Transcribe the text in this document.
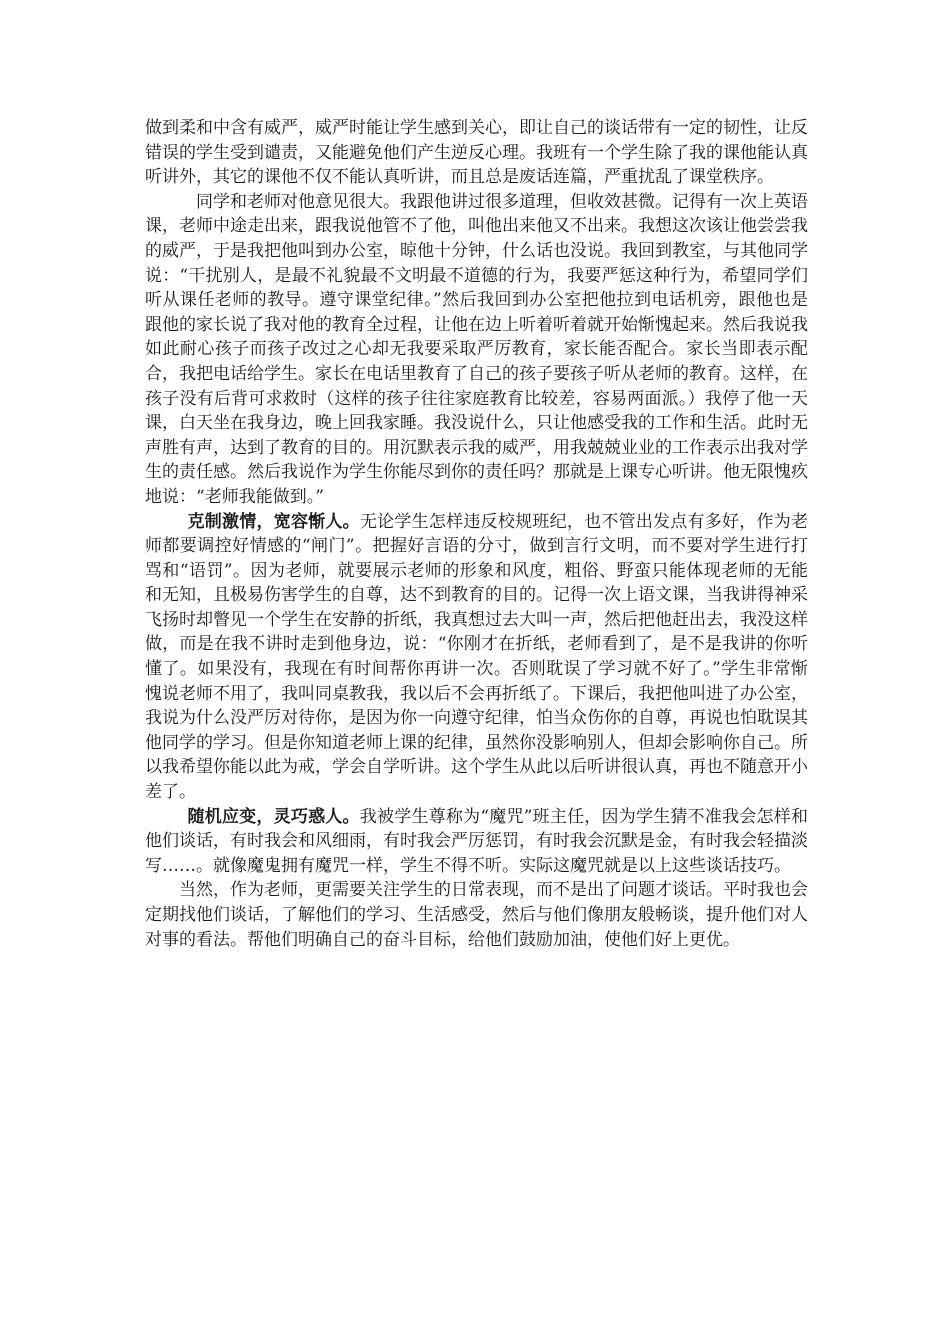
做到柔和中含有威严，威严时能让学生感到关心，即让自己的谈话带有一定的韧性，让反错误的学生受到谴责，又能避免他们产生逆反心理。我班有一个学生除了我的课他能认真听讲外，其它的课他不仅不能认真听讲，而且总是废话连篇，严重扰乱了课堂秩序。

同学和老师对他意见很大。我跟他讲过很多道理，但收效甚微。记得有一次上英语课，老师中途走出来，跟我说他管不了他，叫他出来他又不出来。我想这次该让他尝尝我的威严，于是我把他叫到办公室，晾他十分钟，什么话也没说。我回到教室，与其他同学说：“干扰别人，是最不礼貌最不文明最不道德的行为，我要严惩这种行为，希望同学们听从课任老师的教导。遵守课堂纪律。”然后我回到办公室把他拉到电话机旁，跟他也是跟他的家长说了我对他的教育全过程，让他在边上听着听着就开始惭愧起来。然后我说我如此耐心孩子而孩子改过之心却无我要采取严厉教育，家长能否配合。家长当即表示配合，我把电话给学生。家长在电话里教育了自己的孩子要孩子听从老师的教育。这样，在孩子没有后背可求救时（这样的孩子往往家庭教育比较差，容易两面派。）我停了他一天课，白天坐在我身边，晚上回我家睡。我没说什么，只让他感受我的工作和生活。此时无声胜有声，达到了教育的目的。用沉默表示我的威严，用我兢兢业业的工作表示出我对学生的责任感。然后我说作为学生你能尽到你的责任吗？那就是上课专心听讲。他无限愧疚地说：“老师我能做到。”

克制激情，宽容惭人。无论学生怎样违反校规班纪，也不管出发点有多好，作为老师都要调控好情感的“闸门”。把握好言语的分寸，做到言行文明，而不要对学生进行打骂和“语罚”。因为老师，就要展示老师的形象和风度，粗俗、野蛮只能体现老师的无能和无知，且极易伤害学生的自尊，达不到教育的目的。记得一次上语文课，当我讲得神采飞扬时却瞥见一个学生在安静的折纸，我真想过去大叫一声，然后把他赶出去，我没这样做，而是在我不讲时走到他身边，说：“你刚才在折纸，老师看到了，是不是我讲的你听懂了。如果没有，我现在有时间帮你再讲一次。否则耽误了学习就不好了。”学生非常惭愧说老师不用了，我叫同桌教我，我以后不会再折纸了。下课后，我把他叫进了办公室，我说为什么没严厉对待你，是因为你一向遵守纪律，怕当众伤你的自尊，再说也怕耽误其他同学的学习。但是你知道老师上课的纪律，虽然你没影响别人，但却会影响你自己。所以我希望你能以此为戒，学会自学听讲。这个学生从此以后听讲很认真，再也不随意开小差了。

随机应变，灵巧惑人。我被学生尊称为“魔咒”班主任，因为学生猜不准我会怎样和他们谈话，有时我会和风细雨，有时我会严厉惩罚，有时我会沉默是金，有时我会轻描淡写……。就像魔鬼拥有魔咒一样，学生不得不听。实际这魔咒就是以上这些谈话技巧。

当然，作为老师，更需要关注学生的日常表现，而不是出了问题才谈话。平时我也会定期找他们谈话，了解他们的学习、生活感受，然后与他们像朋友般畅谈，提升他们对人对事的看法。帮他们明确自己的奋斗目标，给他们鼓励加油，使他们好上更优。
